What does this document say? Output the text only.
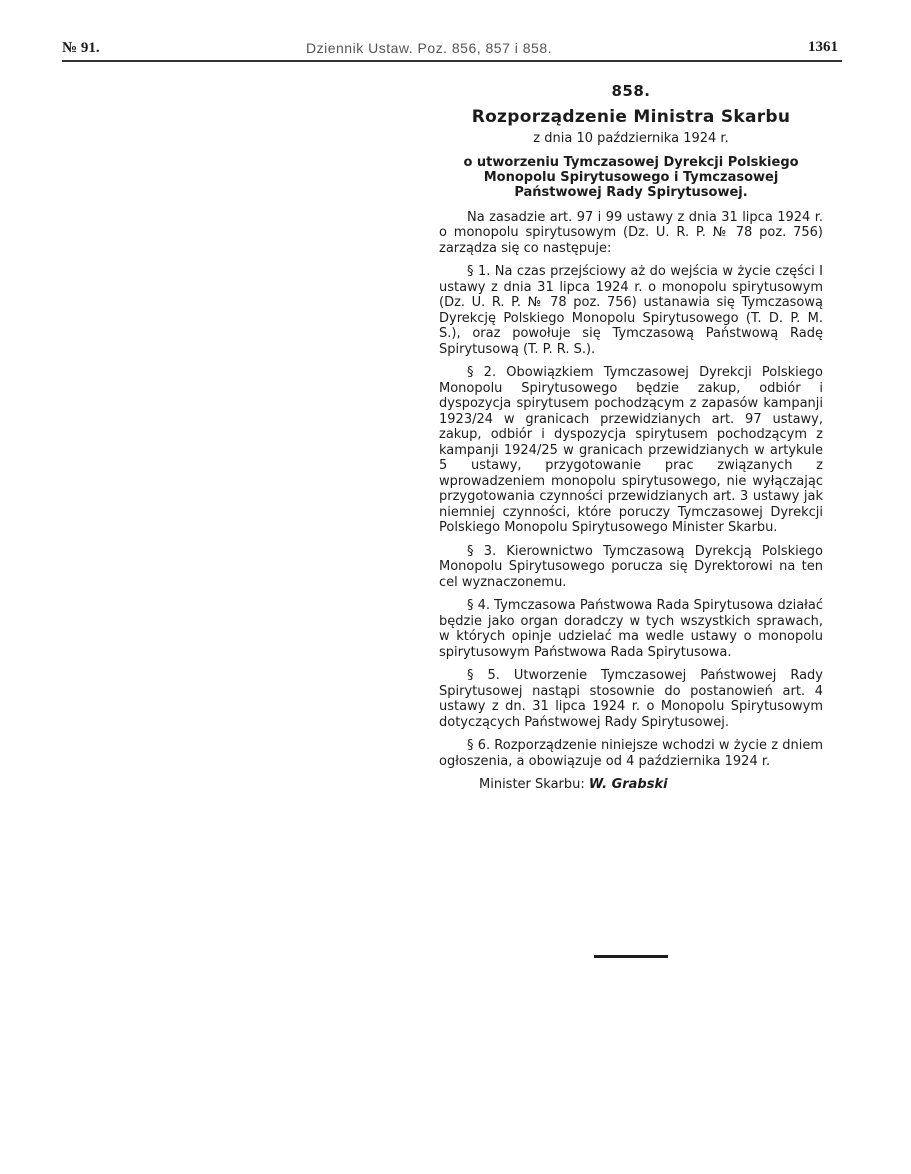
№ 91.	Dziennik Ustaw. Poz. 856, 857 i 858.	1361
858.
Rozporządzenie Ministra Skarbu
z dnia 10 października 1924 r.
o utworzeniu Tymczasowej Dyrekcji Polskiego Monopolu Spirytusowego i Tymczasowej Państwowej Rady Spirytusowej.

Na zasadzie art. 97 i 99 ustawy z dnia 31 lipca 1924 r. o monopolu spirytusowym (Dz. U. R. P. № 78 poz. 756) zarządza się co następuje:

§ 1. Na czas przejściowy aż do wejścia w życie części I ustawy z dnia 31 lipca 1924 r. o monopolu spirytusowym (Dz. U. R. P. № 78 poz. 756) ustanawia się Tymczasową Dyrekcję Polskiego Monopolu Spirytusowego (T. D. P. M. S.), oraz powołuje się Tymczasową Państwową Radę Spirytusową (T. P. R. S.).

§ 2. Obowiązkiem Tymczasowej Dyrekcji Polskiego Monopolu Spirytusowego będzie zakup, odbiór i dyspozycja spirytusem pochodzącym z zapasów kampanji 1923/24 w granicach przewidzianych art. 97 ustawy, zakup, odbiór i dyspozycja spirytusem pochodzącym z kampanji 1924/25 w granicach przewidzianych w artykule 5 ustawy, przygotowanie prac związanych z wprowadzeniem monopolu spirytusowego, nie wyłączając przygotowania czynności przewidzianych art. 3 ustawy jak niemniej czynności, które poruczy Tymczasowej Dyrekcji Polskiego Monopolu Spirytusowego Minister Skarbu.

§ 3. Kierownictwo Tymczasową Dyrekcją Polskiego Monopolu Spirytusowego porucza się Dyrektorowi na ten cel wyznaczonemu.

§ 4. Tymczasowa Państwowa Rada Spirytusowa działać będzie jako organ doradczy w tych wszystkich sprawach, w których opinje udzielać ma wedle ustawy o monopolu spirytusowym Państwowa Rada Spirytusowa.

§ 5. Utworzenie Tymczasowej Państwowej Rady Spirytusowej nastąpi stosownie do postanowień art. 4 ustawy z dn. 31 lipca 1924 r. o Monopolu Spirytusowym dotyczących Państwowej Rady Spirytusowej.

§ 6. Rozporządzenie niniejsze wchodzi w życie z dniem ogłoszenia, a obowiązuje od 4 października 1924 r.

Minister Skarbu: W. Grabski
